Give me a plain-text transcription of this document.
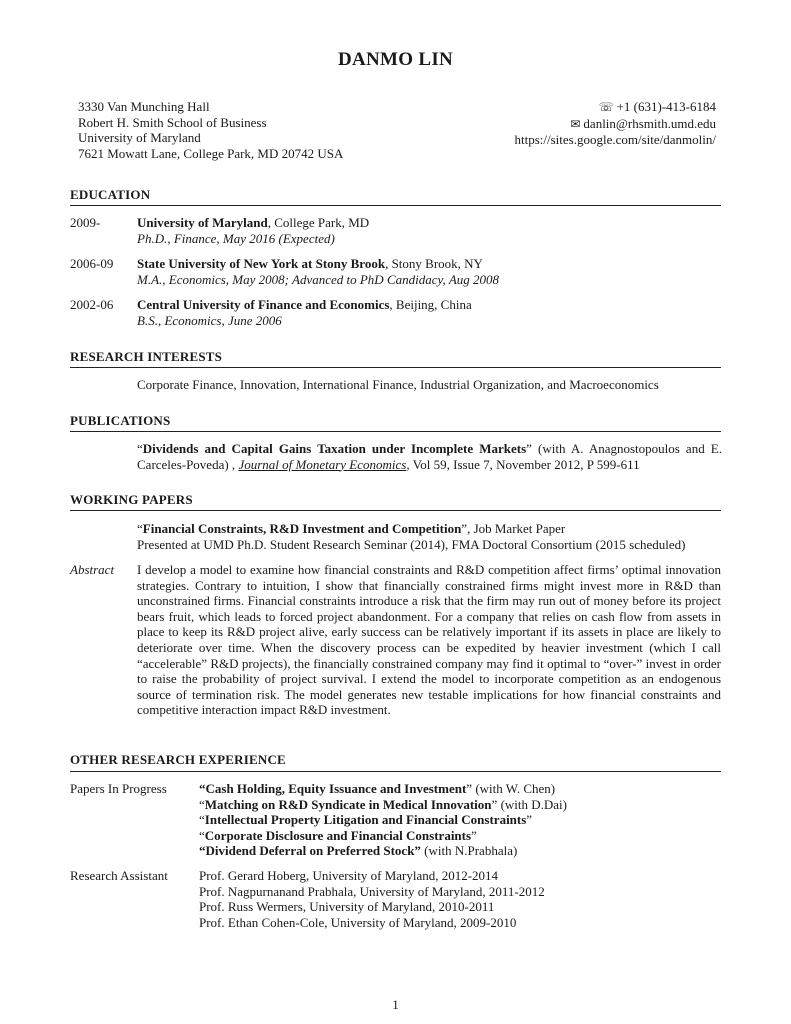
DANMO LIN
3330 Van Munching Hall
Robert H. Smith School of Business
University of Maryland
7621 Mowatt Lane, College Park, MD 20742 USA
☏ +1 (631)-413-6184
✉ danlin@rhsmith.umd.edu
https://sites.google.com/site/danmolin/
EDUCATION
2009-	University of Maryland, College Park, MD
Ph.D., Finance, May 2016 (Expected)
2006-09 State University of New York at Stony Brook, Stony Brook, NY
M.A., Economics, May 2008; Advanced to PhD Candidacy, Aug 2008
2002-06 Central University of Finance and Economics, Beijing, China
B.S., Economics, June 2006
RESEARCH INTERESTS
Corporate Finance, Innovation, International Finance, Industrial Organization, and Macroeconomics
PUBLICATIONS
“Dividends and Capital Gains Taxation under Incomplete Markets” (with A. Anagnostopoulos and E. Carceles-Poveda) , Journal of Monetary Economics, Vol 59, Issue 7, November 2012, P 599-611
WORKING PAPERS
“Financial Constraints, R&D Investment and Competition”, Job Market Paper
Presented at UMD Ph.D. Student Research Seminar (2014), FMA Doctoral Consortium (2015 scheduled)
Abstract I develop a model to examine how financial constraints and R&D competition affect firms’ optimal innovation strategies. Contrary to intuition, I show that financially constrained firms might invest more in R&D than unconstrained firms. Financial constraints introduce a risk that the firm may run out of money before its project bears fruit, which leads to forced project abandonment. For a company that relies on cash flow from assets in place to keep its R&D project alive, early success can be relatively important if its assets in place are likely to deteriorate over time. When the discovery process can be expedited by heavier investment (which I call “accelerable” R&D projects), the financially constrained company may find it optimal to “over-” invest in order to raise the probability of project survival. I extend the model to incorporate competition as an endogenous source of termination risk. The model generates new testable implications for how financial constraints and competitive interaction impact R&D investment.
OTHER RESEARCH EXPERIENCE
Papers In Progress “Cash Holding, Equity Issuance and Investment” (with W. Chen)
“Matching on R&D Syndicate in Medical Innovation” (with D.Dai)
“Intellectual Property Litigation and Financial Constraints”
“Corporate Disclosure and Financial Constraints”
“Dividend Deferral on Preferred Stock” (with N.Prabhala)
Research Assistant Prof. Gerard Hoberg, University of Maryland, 2012-2014
Prof. Nagpurnanand Prabhala, University of Maryland, 2011-2012
Prof. Russ Wermers, University of Maryland, 2010-2011
Prof. Ethan Cohen-Cole, University of Maryland, 2009-2010
1
